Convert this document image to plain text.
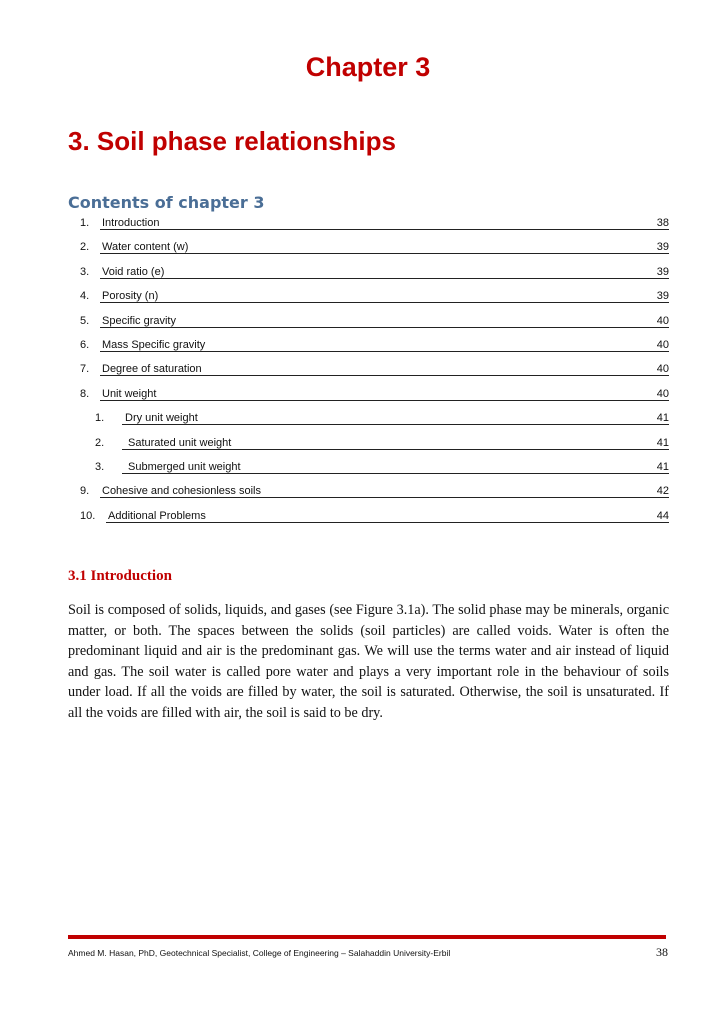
Chapter 3
3. Soil phase relationships
Contents of chapter 3
1. Introduction	38
2. Water content (w)	39
3. Void ratio (e)	39
4. Porosity (n)	39
5. Specific gravity	40
6. Mass Specific gravity	40
7. Degree of saturation	40
8. Unit weight	40
1. Dry unit weight	41
2. Saturated unit weight	41
3. Submerged unit weight	41
9. Cohesive and cohesionless soils	42
10. Additional Problems	44
3.1 Introduction

Soil is composed of solids, liquids, and gases (see Figure 3.1a). The solid phase may be minerals, organic matter, or both. The spaces between the solids (soil particles) are called voids. Water is often the predominant liquid and air is the predominant gas. We will use the terms water and air instead of liquid and gas. The soil water is called pore water and plays a very important role in the behaviour of soils under load. If all the voids are filled by water, the soil is saturated. Otherwise, the soil is unsaturated. If all the voids are filled with air, the soil is said to be dry.

Ahmed M. Hasan, PhD, Geotechnical Specialist, College of Engineering – Salahaddin University-Erbil	38
